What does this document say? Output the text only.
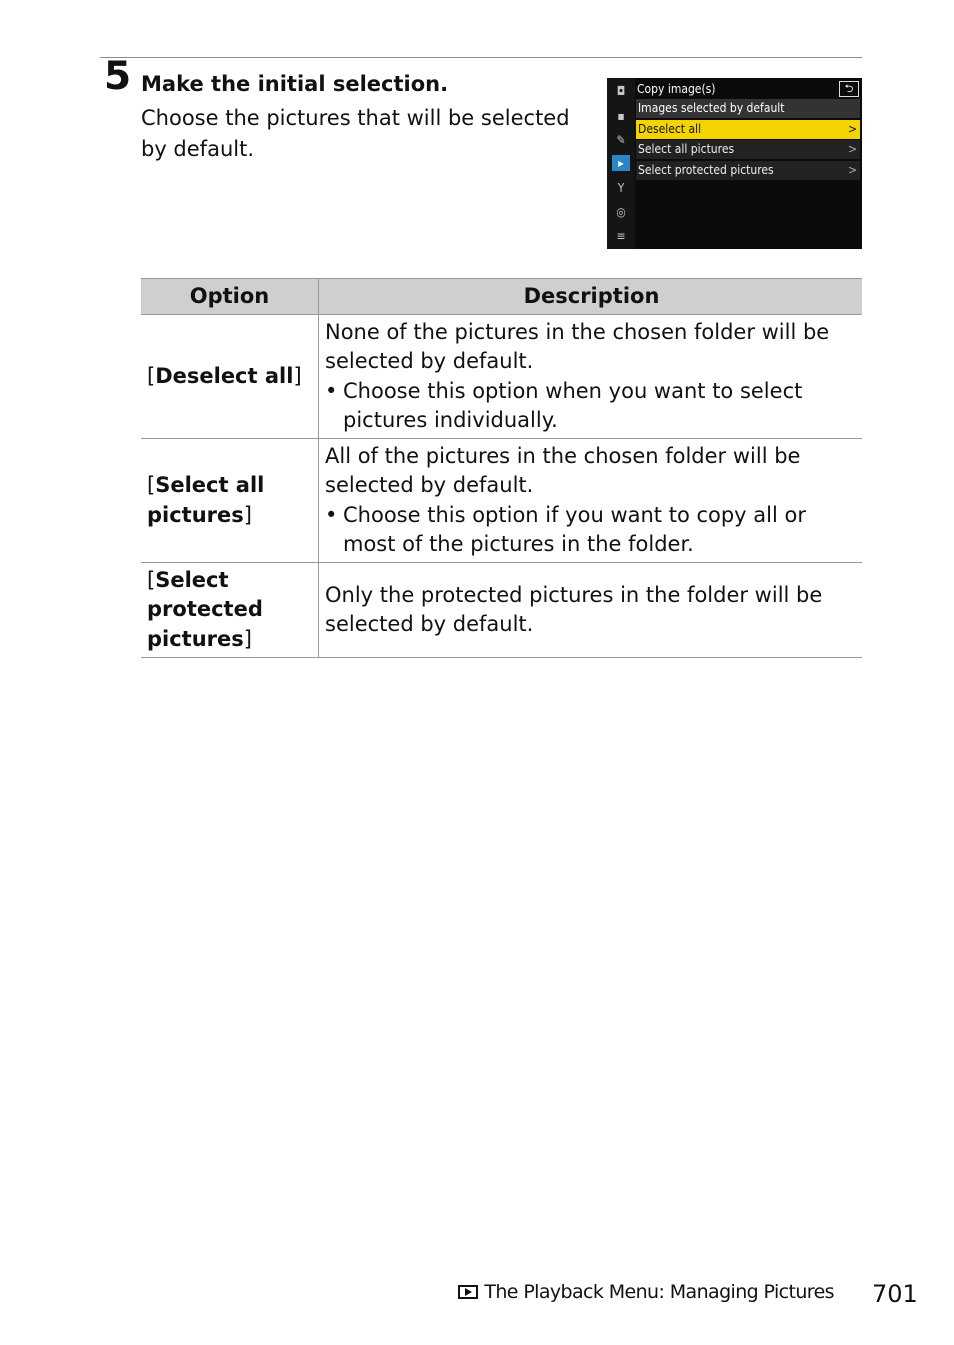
5 Make the initial selection.
Choose the pictures that will be selected by default.
◘
▪
✎
▸
Y
◎
≡
Copy image(s)	⮌
Images selected by default
Deselect all	>
Select all pictures	>
Select protected pictures	>
Option	Description
[Deselect all]	None of the pictures in the chosen folder will be selected by default.
• Choose this option when you want to select pictures individually.

[Select all pictures]	All of the pictures in the chosen folder will be selected by default.
• Choose this option if you want to copy all or most of the pictures in the folder.

[Select protected pictures]	Only the protected pictures in the folder will be selected by default.
The Playback Menu: Managing Pictures 701
